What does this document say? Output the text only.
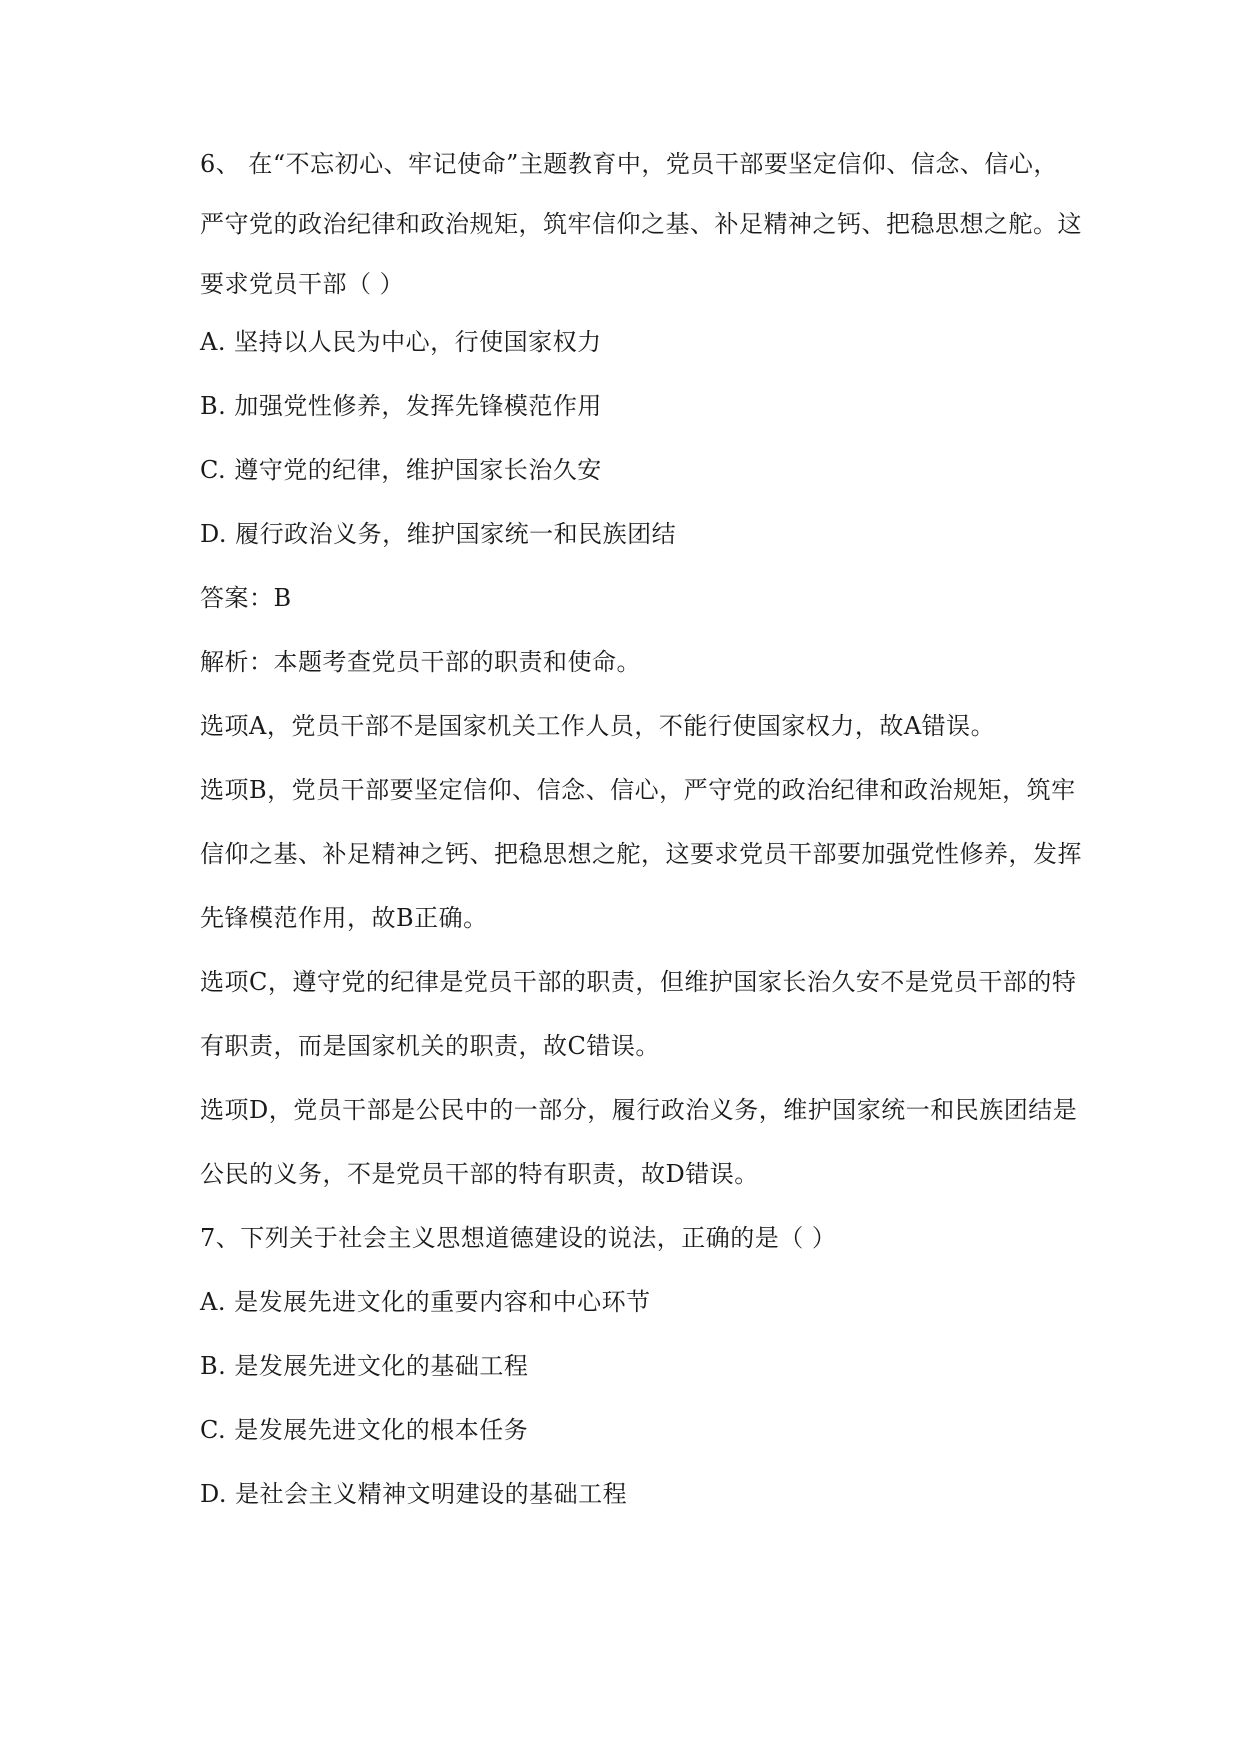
6、 在“不忘初心、牢记使命”主题教育中，党员干部要坚定信仰、信念、信心，
严守党的政治纪律和政治规矩，筑牢信仰之基、补足精神之钙、把稳思想之舵。这
要求党员干部（ ）
A. 坚持以人民为中心，行使国家权力
B. 加强党性修养，发挥先锋模范作用
C. 遵守党的纪律，维护国家长治久安
D. 履行政治义务，维护国家统一和民族团结
答案：B
解析：本题考查党员干部的职责和使命。
选项A，党员干部不是国家机关工作人员，不能行使国家权力，故A错误。
选项B，党员干部要坚定信仰、信念、信心，严守党的政治纪律和政治规矩，筑牢
信仰之基、补足精神之钙、把稳思想之舵，这要求党员干部要加强党性修养，发挥
先锋模范作用，故B正确。
选项C，遵守党的纪律是党员干部的职责，但维护国家长治久安不是党员干部的特
有职责，而是国家机关的职责，故C错误。
选项D，党员干部是公民中的一部分，履行政治义务，维护国家统一和民族团结是
公民的义务，不是党员干部的特有职责，故D错误。
7、下列关于社会主义思想道德建设的说法，正确的是（ ）
A. 是发展先进文化的重要内容和中心环节
B. 是发展先进文化的基础工程
C. 是发展先进文化的根本任务
D. 是社会主义精神文明建设的基础工程
